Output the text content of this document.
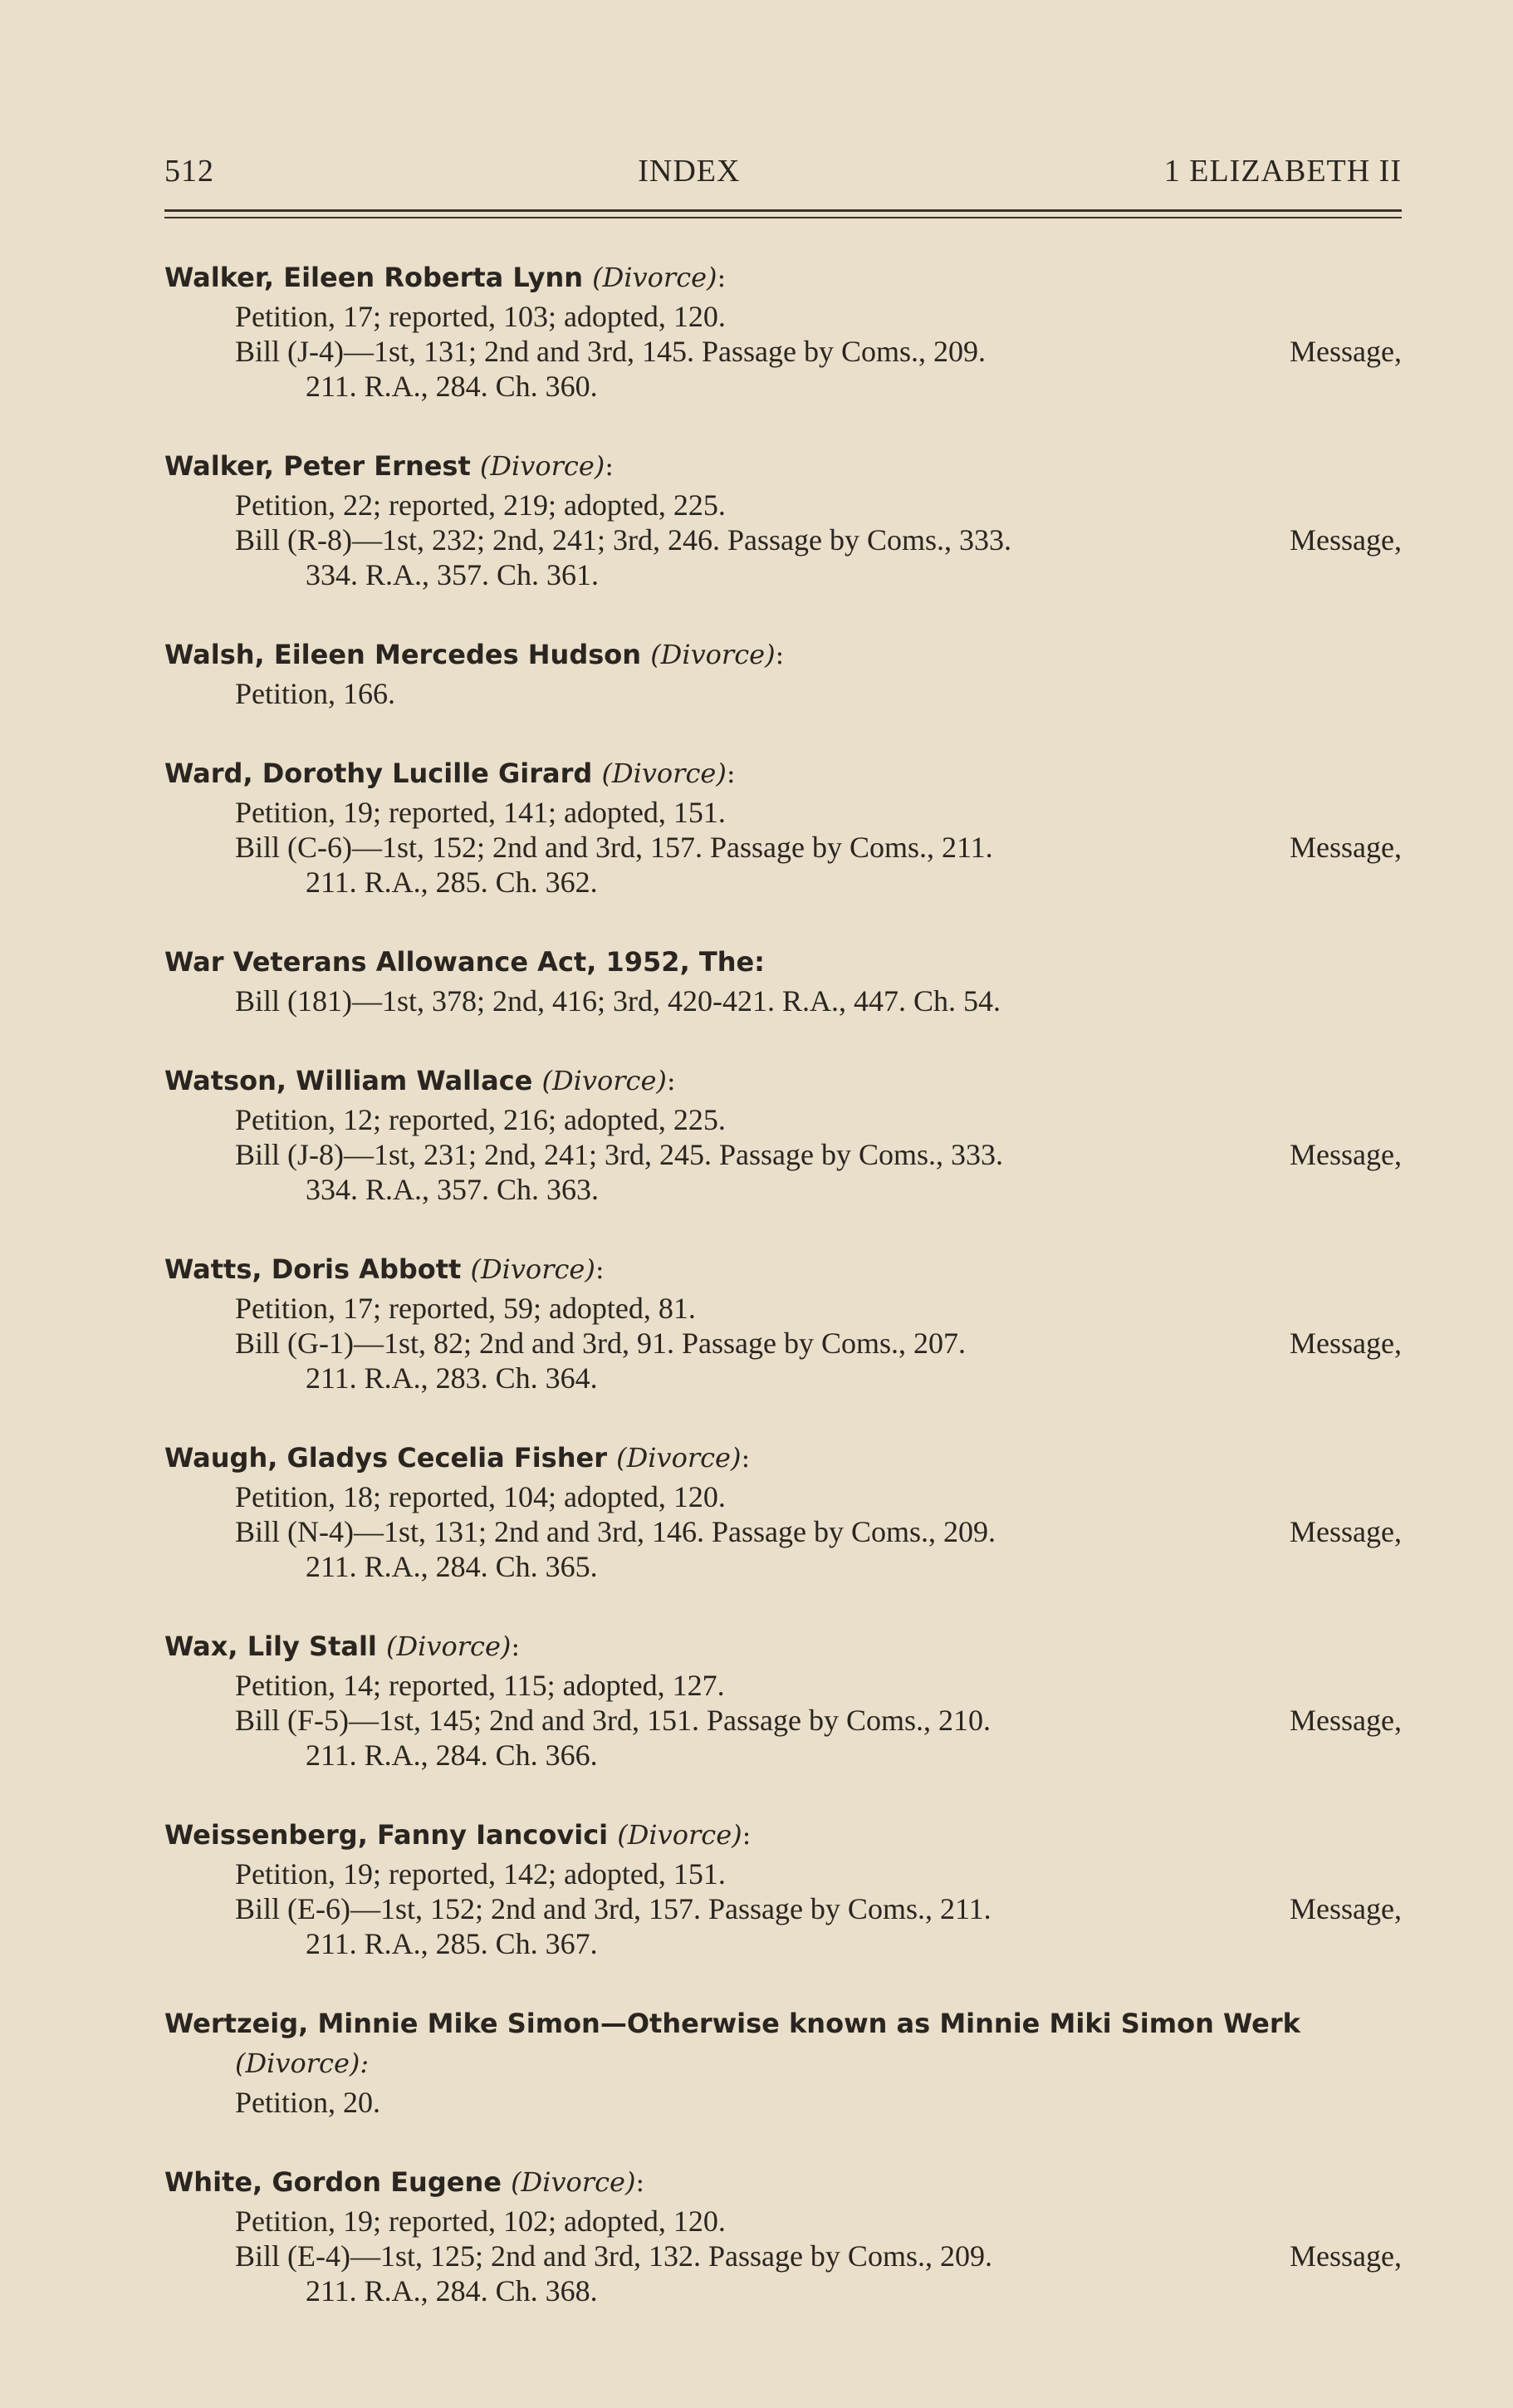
512	INDEX	1 ELIZABETH II
Walker, Eileen Roberta Lynn (Divorce):
Petition, 17; reported, 103; adopted, 120.
Bill (J-4)—1st, 131; 2nd and 3rd, 145. Passage by Coms., 209.	Message,
211. R.A., 284. Ch. 360.
Walker, Peter Ernest (Divorce):
Petition, 22; reported, 219; adopted, 225.
Bill (R-8)—1st, 232; 2nd, 241; 3rd, 246. Passage by Coms., 333.	Message,
334. R.A., 357. Ch. 361.
Walsh, Eileen Mercedes Hudson (Divorce):
Petition, 166.
Ward, Dorothy Lucille Girard (Divorce):
Petition, 19; reported, 141; adopted, 151.
Bill (C-6)—1st, 152; 2nd and 3rd, 157. Passage by Coms., 211.	Message,
211. R.A., 285. Ch. 362.
War Veterans Allowance Act, 1952, The:
Bill (181)—1st, 378; 2nd, 416; 3rd, 420-421. R.A., 447. Ch. 54.
Watson, William Wallace (Divorce):
Petition, 12; reported, 216; adopted, 225.
Bill (J-8)—1st, 231; 2nd, 241; 3rd, 245. Passage by Coms., 333.	Message,
334. R.A., 357. Ch. 363.
Watts, Doris Abbott (Divorce):
Petition, 17; reported, 59; adopted, 81.
Bill (G-1)—1st, 82; 2nd and 3rd, 91. Passage by Coms., 207.	Message,
211. R.A., 283. Ch. 364.
Waugh, Gladys Cecelia Fisher (Divorce):
Petition, 18; reported, 104; adopted, 120.
Bill (N-4)—1st, 131; 2nd and 3rd, 146. Passage by Coms., 209.	Message,
211. R.A., 284. Ch. 365.
Wax, Lily Stall (Divorce):
Petition, 14; reported, 115; adopted, 127.
Bill (F-5)—1st, 145; 2nd and 3rd, 151. Passage by Coms., 210.	Message,
211. R.A., 284. Ch. 366.
Weissenberg, Fanny Iancovici (Divorce):
Petition, 19; reported, 142; adopted, 151.
Bill (E-6)—1st, 152; 2nd and 3rd, 157. Passage by Coms., 211.	Message,
211. R.A., 285. Ch. 367.
Wertzeig, Minnie Mike Simon—Otherwise known as Minnie Miki Simon Werk
(Divorce):
Petition, 20.
White, Gordon Eugene (Divorce):
Petition, 19; reported, 102; adopted, 120.
Bill (E-4)—1st, 125; 2nd and 3rd, 132. Passage by Coms., 209.	Message,
211. R.A., 284. Ch. 368.
